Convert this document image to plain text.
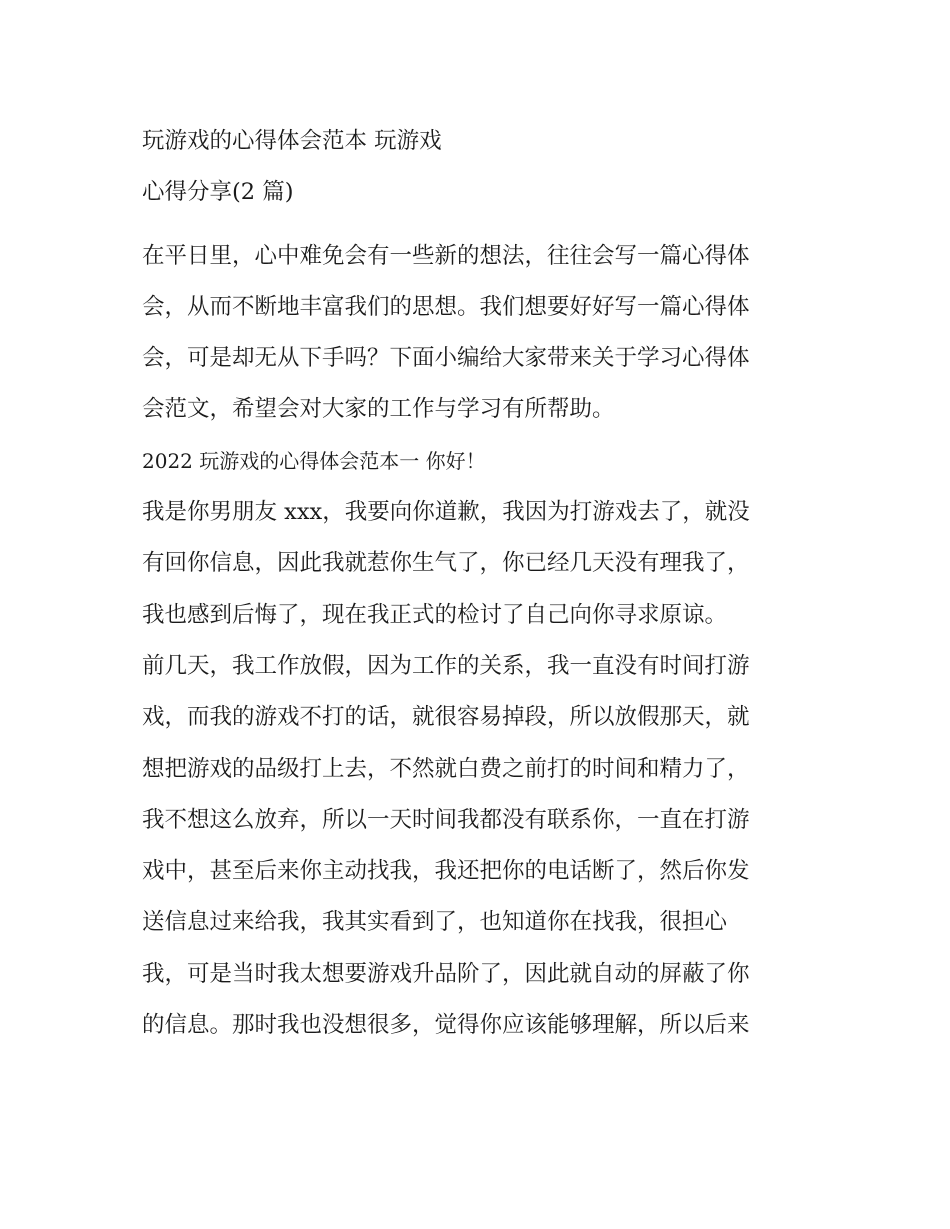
玩游戏的心得体会范本 玩游戏
心得分享(2 篇)
在平日里，心中难免会有一些新的想法，往往会写一篇心得体
会，从而不断地丰富我们的思想。我们想要好好写一篇心得体
会，可是却无从下手吗？下面小编给大家带来关于学习心得体
会范文，希望会对大家的工作与学习有所帮助。
2022 玩游戏的心得体会范本一 你好！
我是你男朋友 xxx，我要向你道歉，我因为打游戏去了，就没
有回你信息，因此我就惹你生气了，你已经几天没有理我了，
我也感到后悔了，现在我正式的检讨了自己向你寻求原谅。
前几天，我工作放假，因为工作的关系，我一直没有时间打游
戏，而我的游戏不打的话，就很容易掉段，所以放假那天，就
想把游戏的品级打上去，不然就白费之前打的时间和精力了，
我不想这么放弃，所以一天时间我都没有联系你，一直在打游
戏中，甚至后来你主动找我，我还把你的电话断了，然后你发
送信息过来给我，我其实看到了，也知道你在找我，很担心
我，可是当时我太想要游戏升品阶了，因此就自动的屏蔽了你
的信息。那时我也没想很多，觉得你应该能够理解，所以后来
